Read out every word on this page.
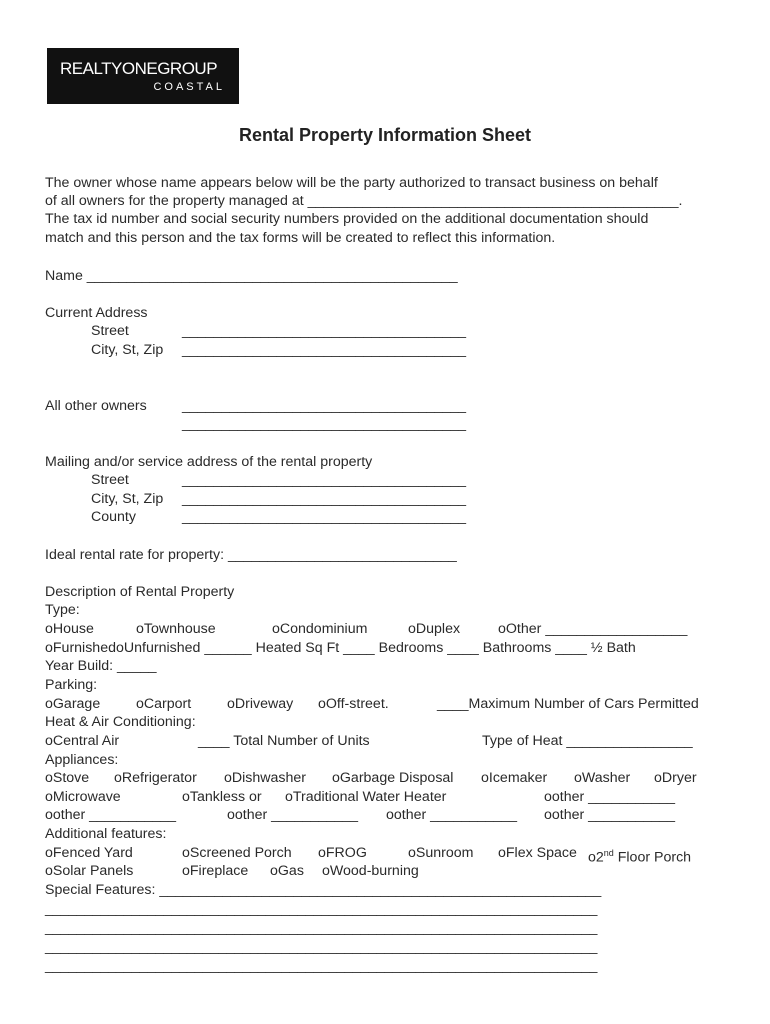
REALTYONEGROUP
COASTAL
Rental Property Information Sheet
The owner whose name appears below will be the party authorized to transact business on behalf
of all owners for the property managed at _______________________________________________.
The tax id number and social security numbers provided on the additional documentation should
match and this person and the tax forms will be created to reflect this information.
Name _______________________________________________
Current Address
Street	____________________________________
City, St, Zip ____________________________________
All other owners ____________________________________
____________________________________
Mailing and/or service address of the rental property
Street	____________________________________
City, St, Zip ____________________________________
County	____________________________________
Ideal rental rate for property: _____________________________
Description of Rental Property
Type:
oHouse	oTownhouse	oCondominium	oDuplex	oOther __________________
oFurnishedoUnfurnished ______ Heated Sq Ft ____ Bedrooms ____ Bathrooms ____ ½ Bath
Year Build: _____
Parking:
oGarage	oCarport	oDriveway oOff-street.	____Maximum Number of Cars Permitted
Heat & Air Conditioning:
oCentral Air	____ Total Number of Units	Type of Heat ________________
Appliances:
oStove oRefrigerator oDishwasher oGarbage Disposal oIcemaker oWasher oDryer
oMicrowave	oTankless or oTraditional Water Heater	oother ___________
oother ___________	oother ___________ oother ___________ oother ___________
Additional features:
oFenced Yard	oScreened Porch oFROG	oSunroom oFlex Space o2nd Floor Porch
oSolar Panels	oFireplace oGas oWood-burning
Special Features: ________________________________________________________
______________________________________________________________________
______________________________________________________________________
______________________________________________________________________
______________________________________________________________________
